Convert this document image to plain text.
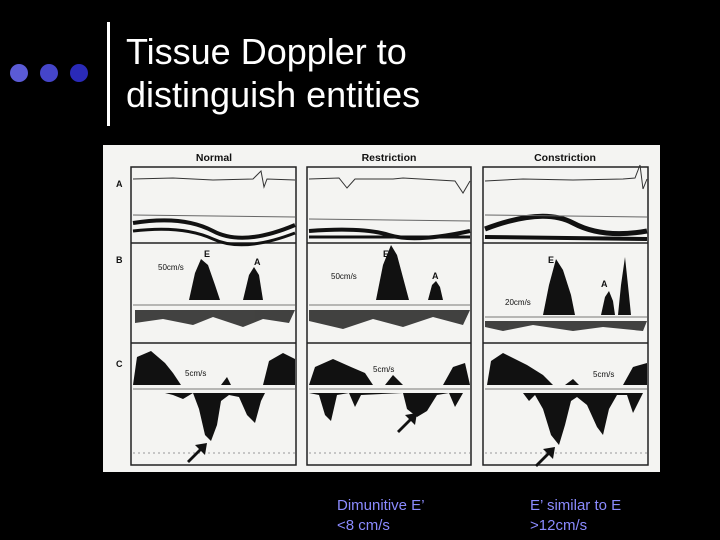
Tissue Doppler to
distinguish entities
Normal	Restriction	Constriction
A
B
C
50cm/s
50cm/s
20cm/s
E
A
E
A
E
A
5cm/s	5cm/s
5cm/s
Dimunitive E’
<8 cm/s
E’ similar to E
>12cm/s
